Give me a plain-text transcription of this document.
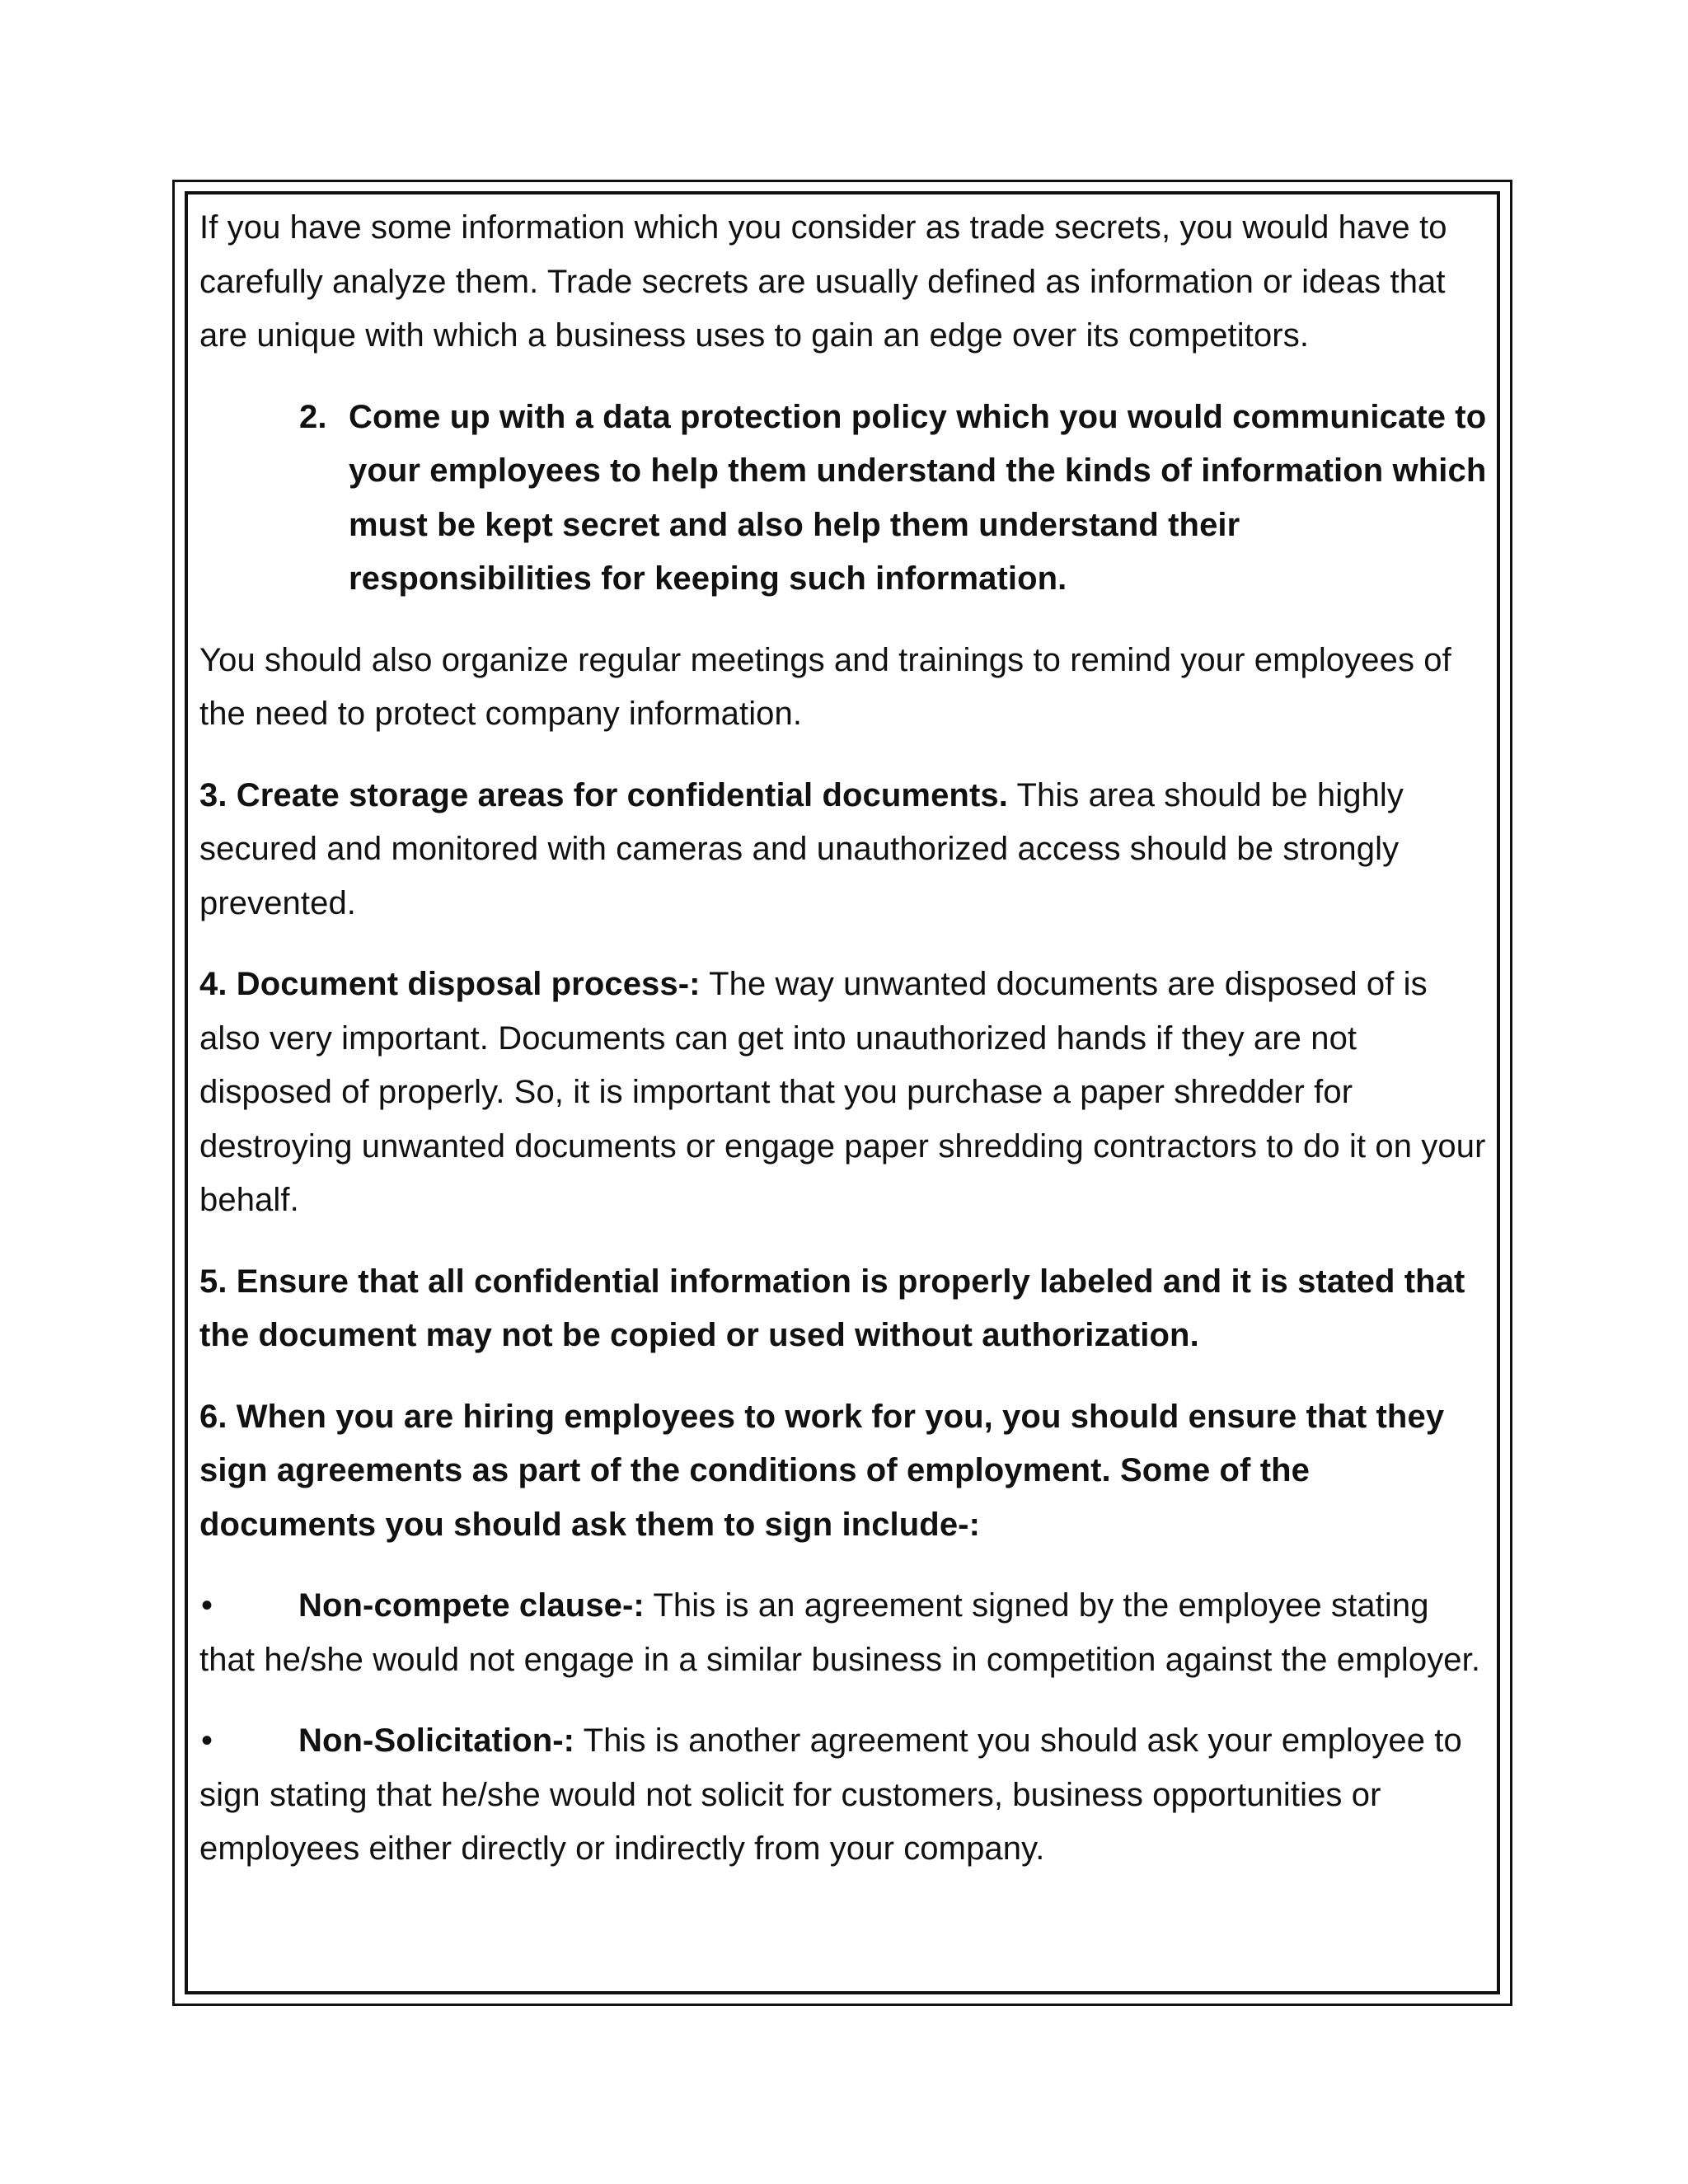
If you have some information which you consider as trade secrets, you would have to carefully analyze them. Trade secrets are usually defined as information or ideas that are unique with which a business uses to gain an edge over its competitors.

2. Come up with a data protection policy which you would communicate to your employees to help them understand the kinds of information which must be kept secret and also help them understand their responsibilities for keeping such information.

You should also organize regular meetings and trainings to remind your employees of the need to protect company information.

3. Create storage areas for confidential documents. This area should be highly secured and monitored with cameras and unauthorized access should be strongly prevented.

4. Document disposal process-: The way unwanted documents are disposed of is also very important. Documents can get into unauthorized hands if they are not disposed of properly. So, it is important that you purchase a paper shredder for destroying unwanted documents or engage paper shredding contractors to do it on your behalf.

5. Ensure that all confidential information is properly labeled and it is stated that the document may not be copied or used without authorization.

6. When you are hiring employees to work for you, you should ensure that they sign agreements as part of the conditions of employment. Some of the documents you should ask them to sign include-:

•	Non-compete clause-: This is an agreement signed by the employee stating that he/she would not engage in a similar business in competition against the employer.

•	Non-Solicitation-: This is another agreement you should ask your employee to sign stating that he/she would not solicit for customers, business opportunities or employees either directly or indirectly from your company.
